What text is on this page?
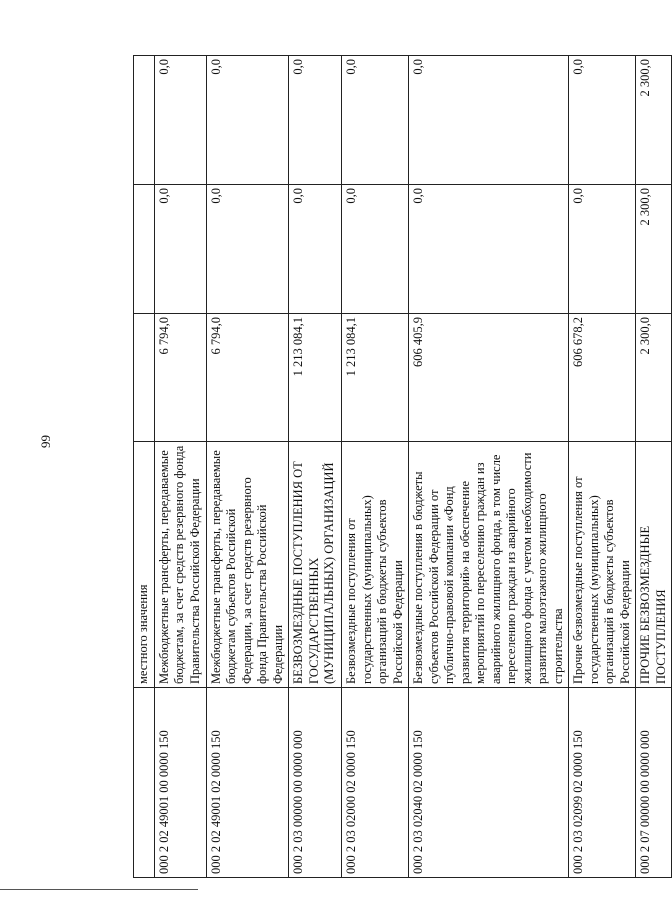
99
	местного значения			
000 2 02 49001 00 0000 150	Межбюджетные трансферты, передаваемые бюджетам, за счет средств резервного фонда Правительства Российской Федерации	6 794,0	0,0	0,0
000 2 02 49001 02 0000 150	Межбюджетные трансферты, передаваемые бюджетам субъектов Российской Федерации, за счет средств резервного фонда Правительства Российской Федерации	6 794,0	0,0	0,0
000 2 03 00000 00 0000 000	БЕЗВОЗМЕЗДНЫЕ ПОСТУПЛЕНИЯ ОТ ГОСУДАРСТВЕННЫХ (МУНИЦИПАЛЬНЫХ) ОРГАНИЗАЦИЙ	1 213 084,1	0,0	0,0
000 2 03 02000 02 0000 150	Безвозмездные поступления от государственных (муниципальных) организаций в бюджеты субъектов Российской Федерации	1 213 084,1	0,0	0,0
000 2 03 02040 02 0000 150	Безвозмездные поступления в бюджеты субъектов Российской Федерации от публично-правовой компании «Фонд развития территорий» на обеспечение мероприятий по переселению граждан из аварийного жилищного фонда, в том числе переселению граждан из аварийного жилищного фонда с учетом необходимости развития малоэтажного жилищного строительства	606 405,9	0,0	0,0
000 2 03 02099 02 0000 150	Прочие безвозмездные поступления от государственных (муниципальных) организаций в бюджеты субъектов Российской Федерации	606 678,2	0,0	0,0
000 2 07 00000 00 0000 000	ПРОЧИЕ БЕЗВОЗМЕЗДНЫЕ ПОСТУПЛЕНИЯ	2 300,0	2 300,0	2 300,0
